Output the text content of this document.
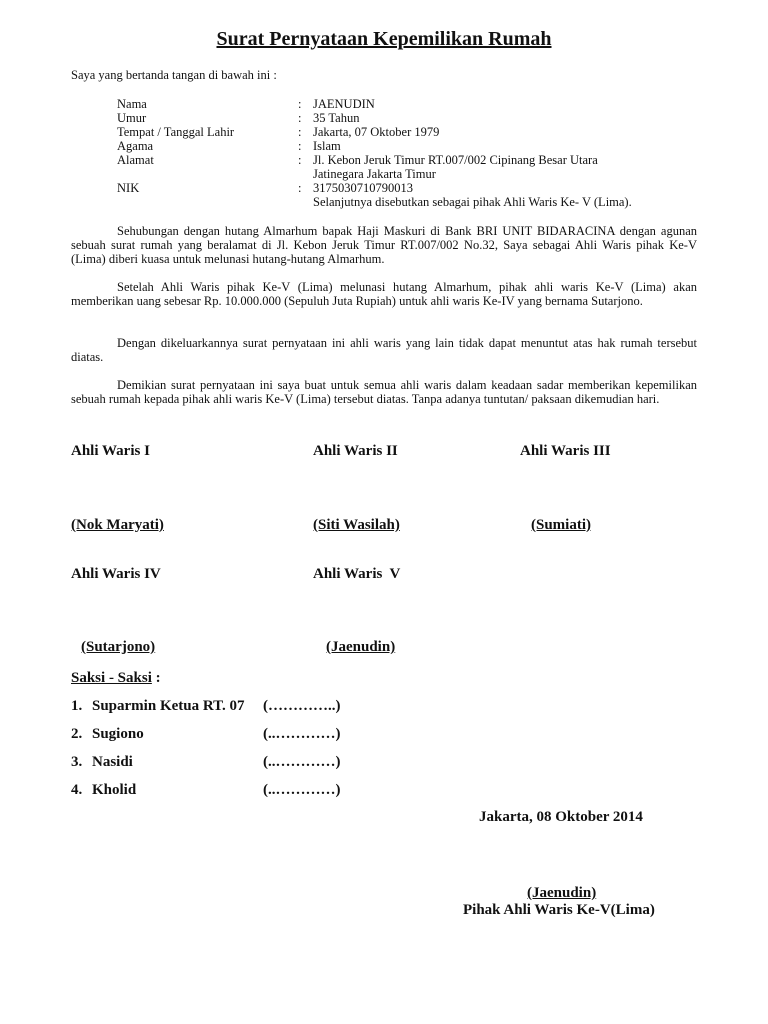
Surat Pernyataan Kepemilikan Rumah
Saya yang bertanda tangan di bawah ini :
Nama	: JAENUDIN
Umur	: 35 Tahun
Tempat / Tanggal Lahir	: Jakarta, 07 Oktober 1979
Agama	: Islam
Alamat	: Jl. Kebon Jeruk Timur RT.007/002 Cipinang Besar Utara
Jatinegara Jakarta Timur
NIK	: 3175030710790013
Selanjutnya disebutkan sebagai pihak Ahli Waris Ke- V (Lima).
Sehubungan dengan hutang Almarhum bapak Haji Maskuri di Bank BRI UNIT BIDARACINA dengan agunan sebuah surat rumah yang beralamat di Jl. Kebon Jeruk Timur RT.007/002 No.32, Saya sebagai Ahli Waris pihak Ke-V (Lima) diberi kuasa untuk melunasi hutang-hutang Almarhum.
Setelah Ahli Waris pihak Ke-V (Lima) melunasi hutang Almarhum, pihak ahli waris Ke-V (Lima) akan memberikan uang sebesar Rp. 10.000.000 (Sepuluh Juta Rupiah) untuk ahli waris Ke-IV yang bernama Sutarjono.
Dengan dikeluarkannya surat pernyataan ini ahli waris yang lain tidak dapat menuntut atas hak rumah tersebut diatas.
Demikian surat pernyataan ini saya buat untuk semua ahli waris dalam keadaan sadar memberikan kepemilikan sebuah rumah kepada pihak ahli waris Ke-V (Lima) tersebut diatas. Tanpa adanya tuntutan/ paksaan dikemudian hari.
Ahli Waris I	Ahli Waris II	Ahli Waris III
(Nok Maryati)	(Siti Wasilah)	(Sumiati)
Ahli Waris IV	Ahli Waris  V
(Sutarjono)	(Jaenudin)
Saksi - Saksi :
1. Suparmin Ketua RT. 07 (…………..)
2. Sugiono	(..…………)
3. Nasidi	(..…………)
4. Kholid	(..…………)
Jakarta, 08 Oktober 2014
(Jaenudin)
Pihak Ahli Waris Ke-V(Lima)
